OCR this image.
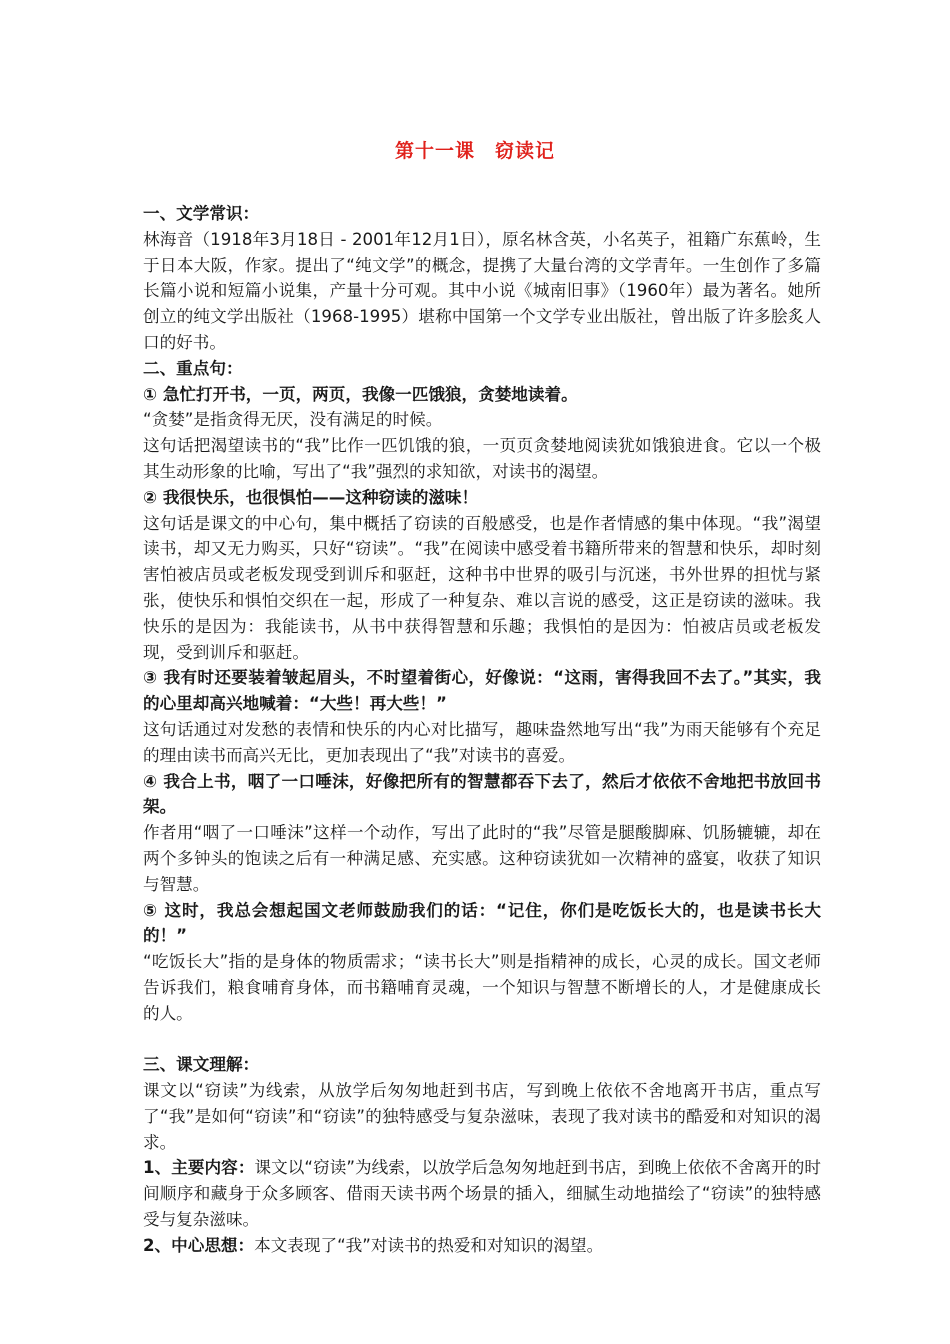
第十一课　窃读记

一、文学常识：

林海音（1918年3月18日 - 2001年12月1日），原名林含英，小名英子，祖籍广东蕉岭，生于日本大阪，作家。提出了“纯文学”的概念，提携了大量台湾的文学青年。一生创作了多篇长篇小说和短篇小说集，产量十分可观。其中小说《城南旧事》（1960年）最为著名。她所创立的纯文学出版社（1968-1995）堪称中国第一个文学专业出版社，曾出版了许多脍炙人口的好书。

二、重点句：

① 急忙打开书，一页，两页，我像一匹饿狼，贪婪地读着。

“贪婪”是指贪得无厌，没有满足的时候。

这句话把渴望读书的“我”比作一匹饥饿的狼，一页页贪婪地阅读犹如饿狼进食。它以一个极其生动形象的比喻，写出了“我”强烈的求知欲，对读书的渴望。

② 我很快乐，也很惧怕——这种窃读的滋味！

这句话是课文的中心句，集中概括了窃读的百般感受，也是作者情感的集中体现。“我”渴望读书，却又无力购买，只好“窃读”。“我”在阅读中感受着书籍所带来的智慧和快乐，却时刻害怕被店员或老板发现受到训斥和驱赶，这种书中世界的吸引与沉迷，书外世界的担忧与紧张，使快乐和惧怕交织在一起，形成了一种复杂、难以言说的感受，这正是窃读的滋味。我快乐的是因为：我能读书，从书中获得智慧和乐趣；我惧怕的是因为：怕被店员或老板发现，受到训斥和驱赶。

③ 我有时还要装着皱起眉头，不时望着街心，好像说：“这雨，害得我回不去了。”其实，我的心里却高兴地喊着：“大些！再大些！”

这句话通过对发愁的表情和快乐的内心对比描写，趣味盎然地写出“我”为雨天能够有个充足的理由读书而高兴无比，更加表现出了“我”对读书的喜爱。

④ 我合上书，咽了一口唾沫，好像把所有的智慧都吞下去了，然后才依依不舍地把书放回书架。

作者用“咽了一口唾沫”这样一个动作，写出了此时的“我”尽管是腿酸脚麻、饥肠辘辘，却在两个多钟头的饱读之后有一种满足感、充实感。这种窃读犹如一次精神的盛宴，收获了知识与智慧。

⑤ 这时，我总会想起国文老师鼓励我们的话：“记住，你们是吃饭长大的，也是读书长大的！”

“吃饭长大”指的是身体的物质需求；“读书长大”则是指精神的成长，心灵的成长。国文老师告诉我们，粮食哺育身体，而书籍哺育灵魂，一个知识与智慧不断增长的人，才是健康成长的人。

三、课文理解：

课文以“窃读”为线索，从放学后匆匆地赶到书店，写到晚上依依不舍地离开书店，重点写了“我”是如何“窃读”和“窃读”的独特感受与复杂滋味，表现了我对读书的酷爱和对知识的渴求。

1、主要内容：课文以“窃读”为线索，以放学后急匆匆地赶到书店，到晚上依依不舍离开的时间顺序和藏身于众多顾客、借雨天读书两个场景的插入，细腻生动地描绘了“窃读”的独特感受与复杂滋味。

2、中心思想：本文表现了“我”对读书的热爱和对知识的渴望。
